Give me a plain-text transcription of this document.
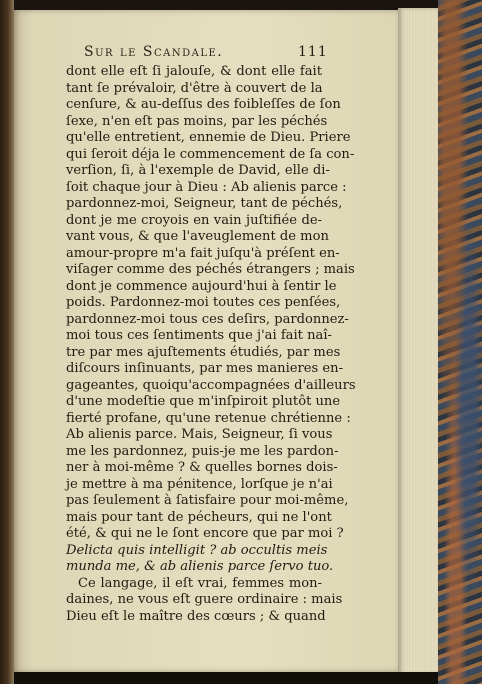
Sur le Scandale.	111
dont elle eſt ſi jalouſe, & dont elle fait
tant ſe prévaloir, d'être à couvert de la
cenſure, & au-deſſus des foibleſſes de ſon
ſexe, n'en eſt pas moins, par les péchés
qu'elle entretient, ennemie de Dieu. Priere
qui ſeroit déja le commencement de ſa con-
verſion, ſi, à l'exemple de David, elle di-
ſoit chaque jour à Dieu : Ab alienis parce :
pardonnez-moi, Seigneur, tant de péchés,
dont je me croyois en vain juſtifiée de-
vant vous, & que l'aveuglement de mon
amour-propre m'a fait juſqu'à préſent en-
viſager comme des péchés étrangers ; mais
dont je commence aujourd'hui à ſentir le
poids. Pardonnez-moi toutes ces penſées,
pardonnez-moi tous ces deſirs, pardonnez-
moi tous ces ſentiments que j'ai fait naî-
tre par mes ajuſtements étudiés, par mes
diſcours inſinuants, par mes manieres en-
gageantes, quoiqu'accompagnées d'ailleurs
d'une modeſtie que m'inſpiroit plutôt une
fierté profane, qu'une retenue chrétienne :
Ab alienis parce. Mais, Seigneur, ſi vous
me les pardonnez, puis-je me les pardon-
ner à moi-même ? & quelles bornes dois-
je mettre à ma pénitence, lorſque je n'ai
pas ſeulement à ſatisfaire pour moi-même,
mais pour tant de pécheurs, qui ne l'ont
été, & qui ne le ſont encore que par moi ?
Delicta quis intelligit ? ab occultis meis
munda me, & ab alienis parce ſervo tuo.
Ce langage, il eſt vrai, femmes mon-
daines, ne vous eſt guere ordinaire : mais
Dieu eſt le maître des cœurs ; & quand
